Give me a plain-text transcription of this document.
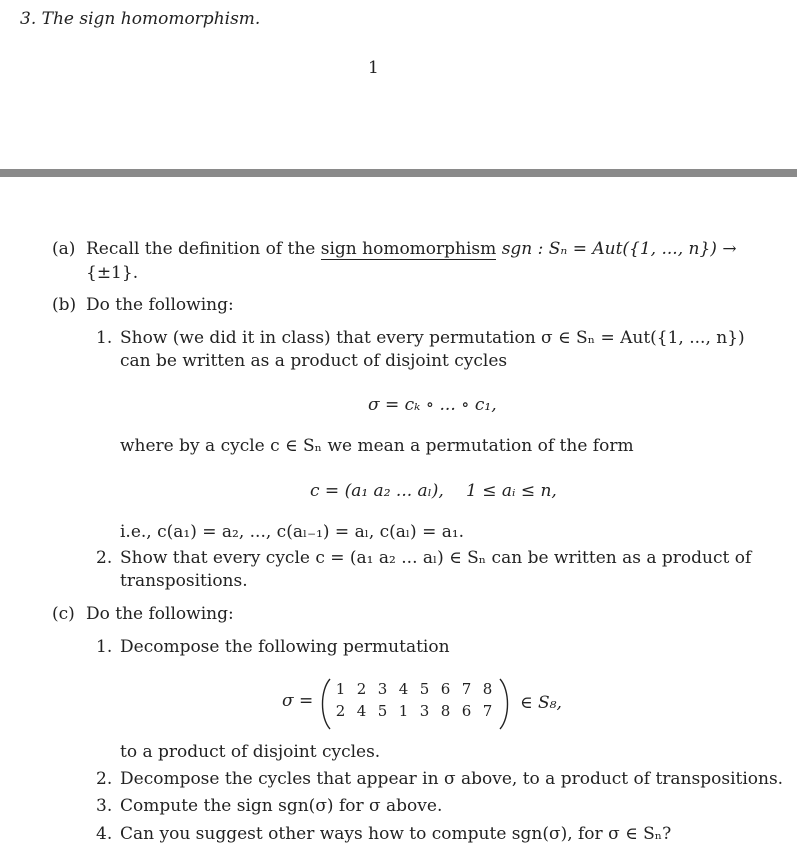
3. The sign homomorphism.
1
(a) Recall the definition of the sign homomorphism sgn : Sₙ = Aut({1, ..., n}) →
{±1}.
(b) Do the following:
1. Show (we did it in class) that every permutation σ ∈ Sₙ = Aut({1, ..., n})
can be written as a product of disjoint cycles
σ = cₖ ∘ ... ∘ c₁,
where by a cycle c ∈ Sₙ we mean a permutation of the form
c = (a₁ a₂ ... aₗ), 1 ≤ aᵢ ≤ n,
i.e., c(a₁) = a₂, ..., c(aₗ₋₁) = aₗ, c(aₗ) = a₁.
2. Show that every cycle c = (a₁ a₂ ... aₗ) ∈ Sₙ can be written as a product of
transpositions.
(c) Do the following:
1. Decompose the following permutation
σ =
1 2 3 4 5 6 7 8
2 4 5 1 3 8 6 7	∈ S₈,
to a product of disjoint cycles.
2. Decompose the cycles that appear in σ above, to a product of transpositions.
3. Compute the sign sgn(σ) for σ above.
4. Can you suggest other ways how to compute sgn(σ), for σ ∈ Sₙ?
